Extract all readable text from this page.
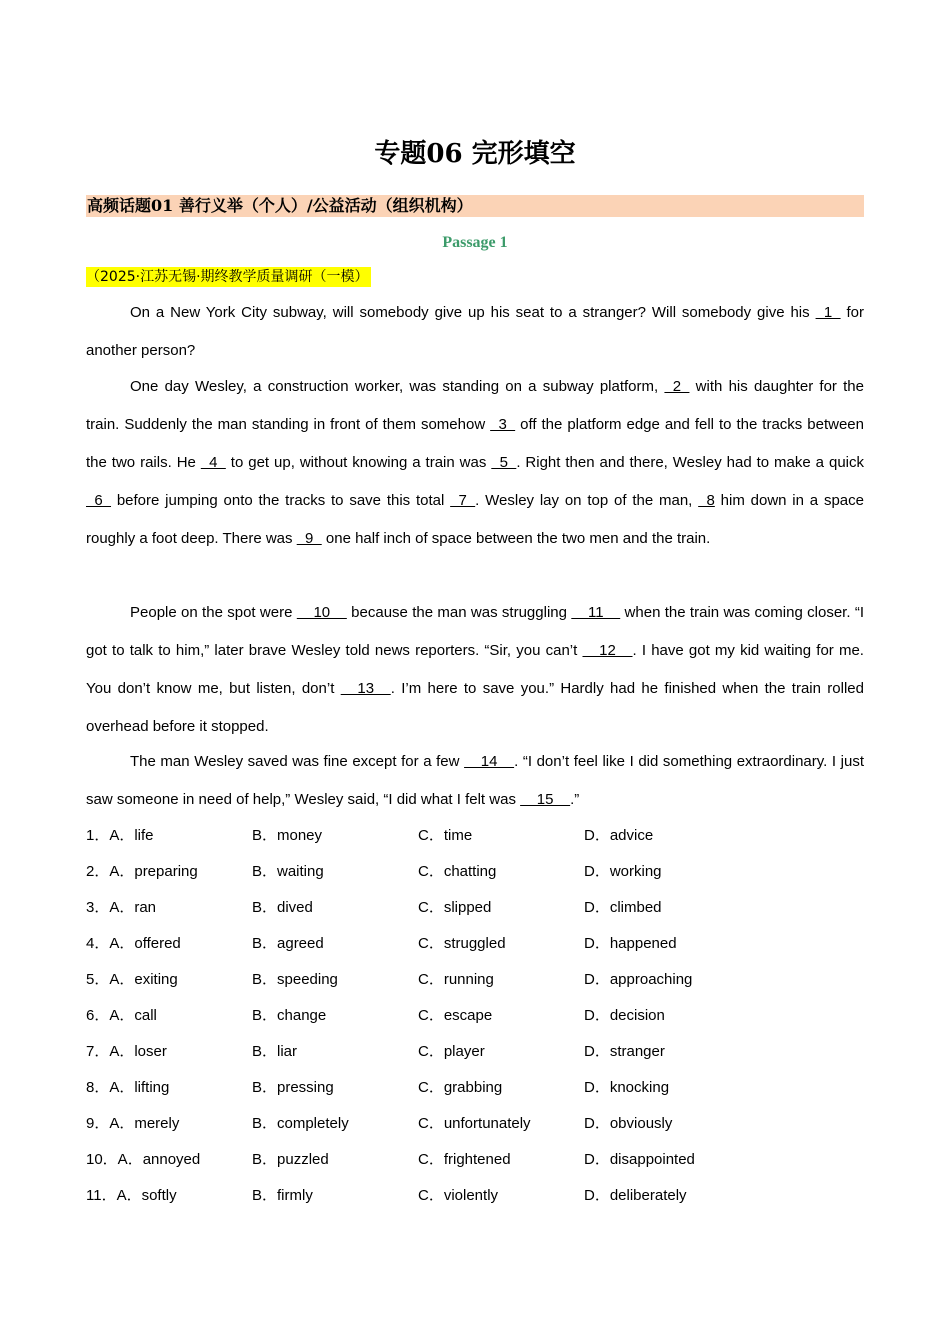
专题06 完形填空
高频话题01 善行义举（个人）/公益活动（组织机构）
Passage 1
（2025·江苏无锡·期终教学质量调研（一模）
On a New York City subway, will somebody give up his seat to a stranger? Will somebody give his   1   for another person?
One day Wesley, a construction worker, was standing on a subway platform,   2   with his daughter for the train. Suddenly the man standing in front of them somehow   3   off the platform edge and fell to the tracks between the two rails. He   4   to get up, without knowing a train was   5  . Right then and there, Wesley had to make a quick   6   before jumping onto the tracks to save this total   7  . Wesley lay on top of the man,   8 him down in a space roughly a foot deep. There was   9   one half inch of space between the two men and the train.
People on the spot were     10     because the man was struggling     11     when the train was coming closer. “I got to talk to him,” later brave Wesley told news reporters. “Sir, you can’t     12    . I have got my kid waiting for me. You don’t know me, but listen, don’t     13    . I’m here to save you.” Hardly had he finished when the train rolled overhead before it stopped.
The man Wesley saved was fine except for a few     14    . “I don’t feel like I did something extraordinary. I just saw someone in need of help,” Wesley said, “I did what I felt was     15    .”
1．A．life	B．money	C．time	D．advice
2．A．preparing	B．waiting	C．chatting	D．working
3．A．ran	B．dived	C．slipped	D．climbed
4．A．offered	B．agreed	C．struggled	D．happened
5．A．exiting	B．speeding	C．running	D．approaching
6．A．call	B．change	C．escape	D．decision
7．A．loser	B．liar	C．player	D．stranger
8．A．lifting	B．pressing	C．grabbing	D．knocking
9．A．merely	B．completely	C．unfortunately	D．obviously
10．A．annoyed	B．puzzled	C．frightened	D．disappointed
11．A．softly	B．firmly	C．violently	D．deliberately
